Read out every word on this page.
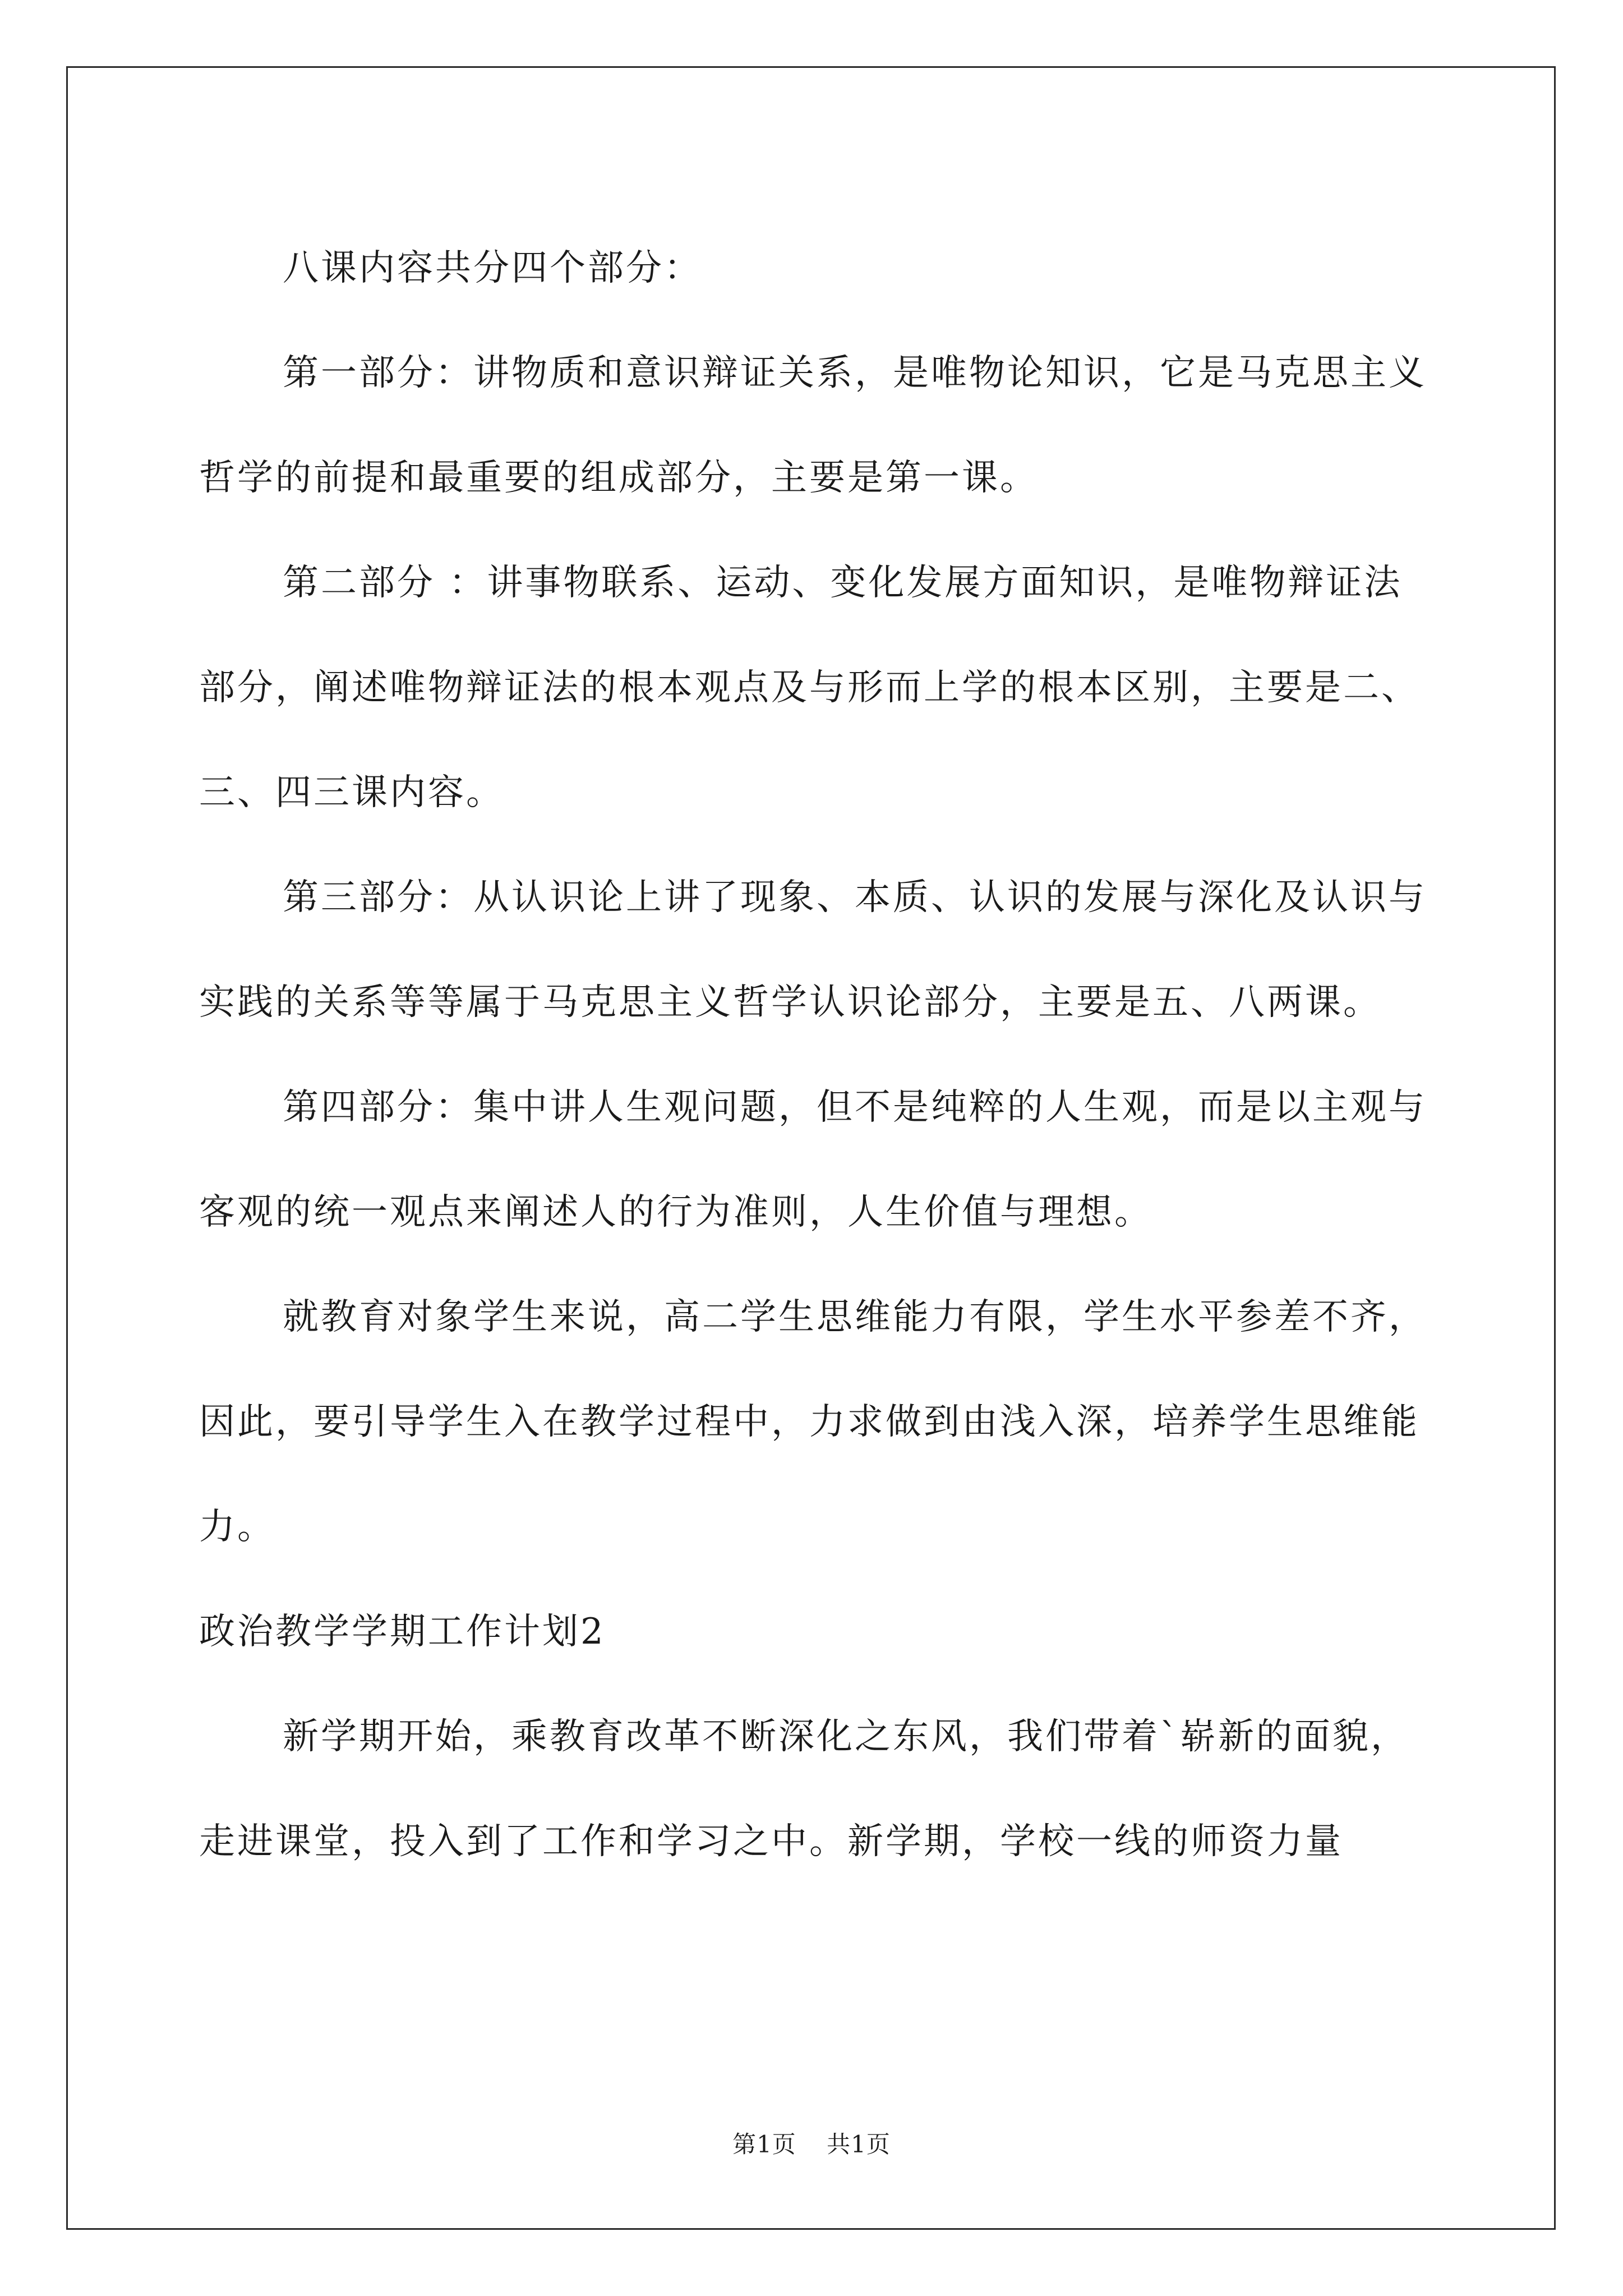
八课内容共分四个部分：

第一部分：讲物质和意识辩证关系，是唯物论知识，它是马克思主义哲学的前提和最重要的组成部分，主要是第一课。

第二部分 ：讲事物联系、运动、变化发展方面知识，是唯物辩证法部分，阐述唯物辩证法的根本观点及与形而上学的根本区别，主要是二、三、四三课内容。

第三部分：从认识论上讲了现象、本质、认识的发展与深化及认识与实践的关系等等属于马克思主义哲学认识论部分，主要是五、八两课。

第四部分：集中讲人生观问题，但不是纯粹的人生观，而是以主观与客观的统一观点来阐述人的行为准则，人生价值与理想。

就教育对象学生来说，高二学生思维能力有限，学生水平参差不齐，因此，要引导学生入在教学过程中，力求做到由浅入深，培养学生思维能力。

政治教学学期工作计划2

新学期开始，乘教育改革不断深化之东风，我们带着`崭新的面貌，走进课堂，投入到了工作和学习之中。新学期，学校一线的师资力量

第1页 共1页
